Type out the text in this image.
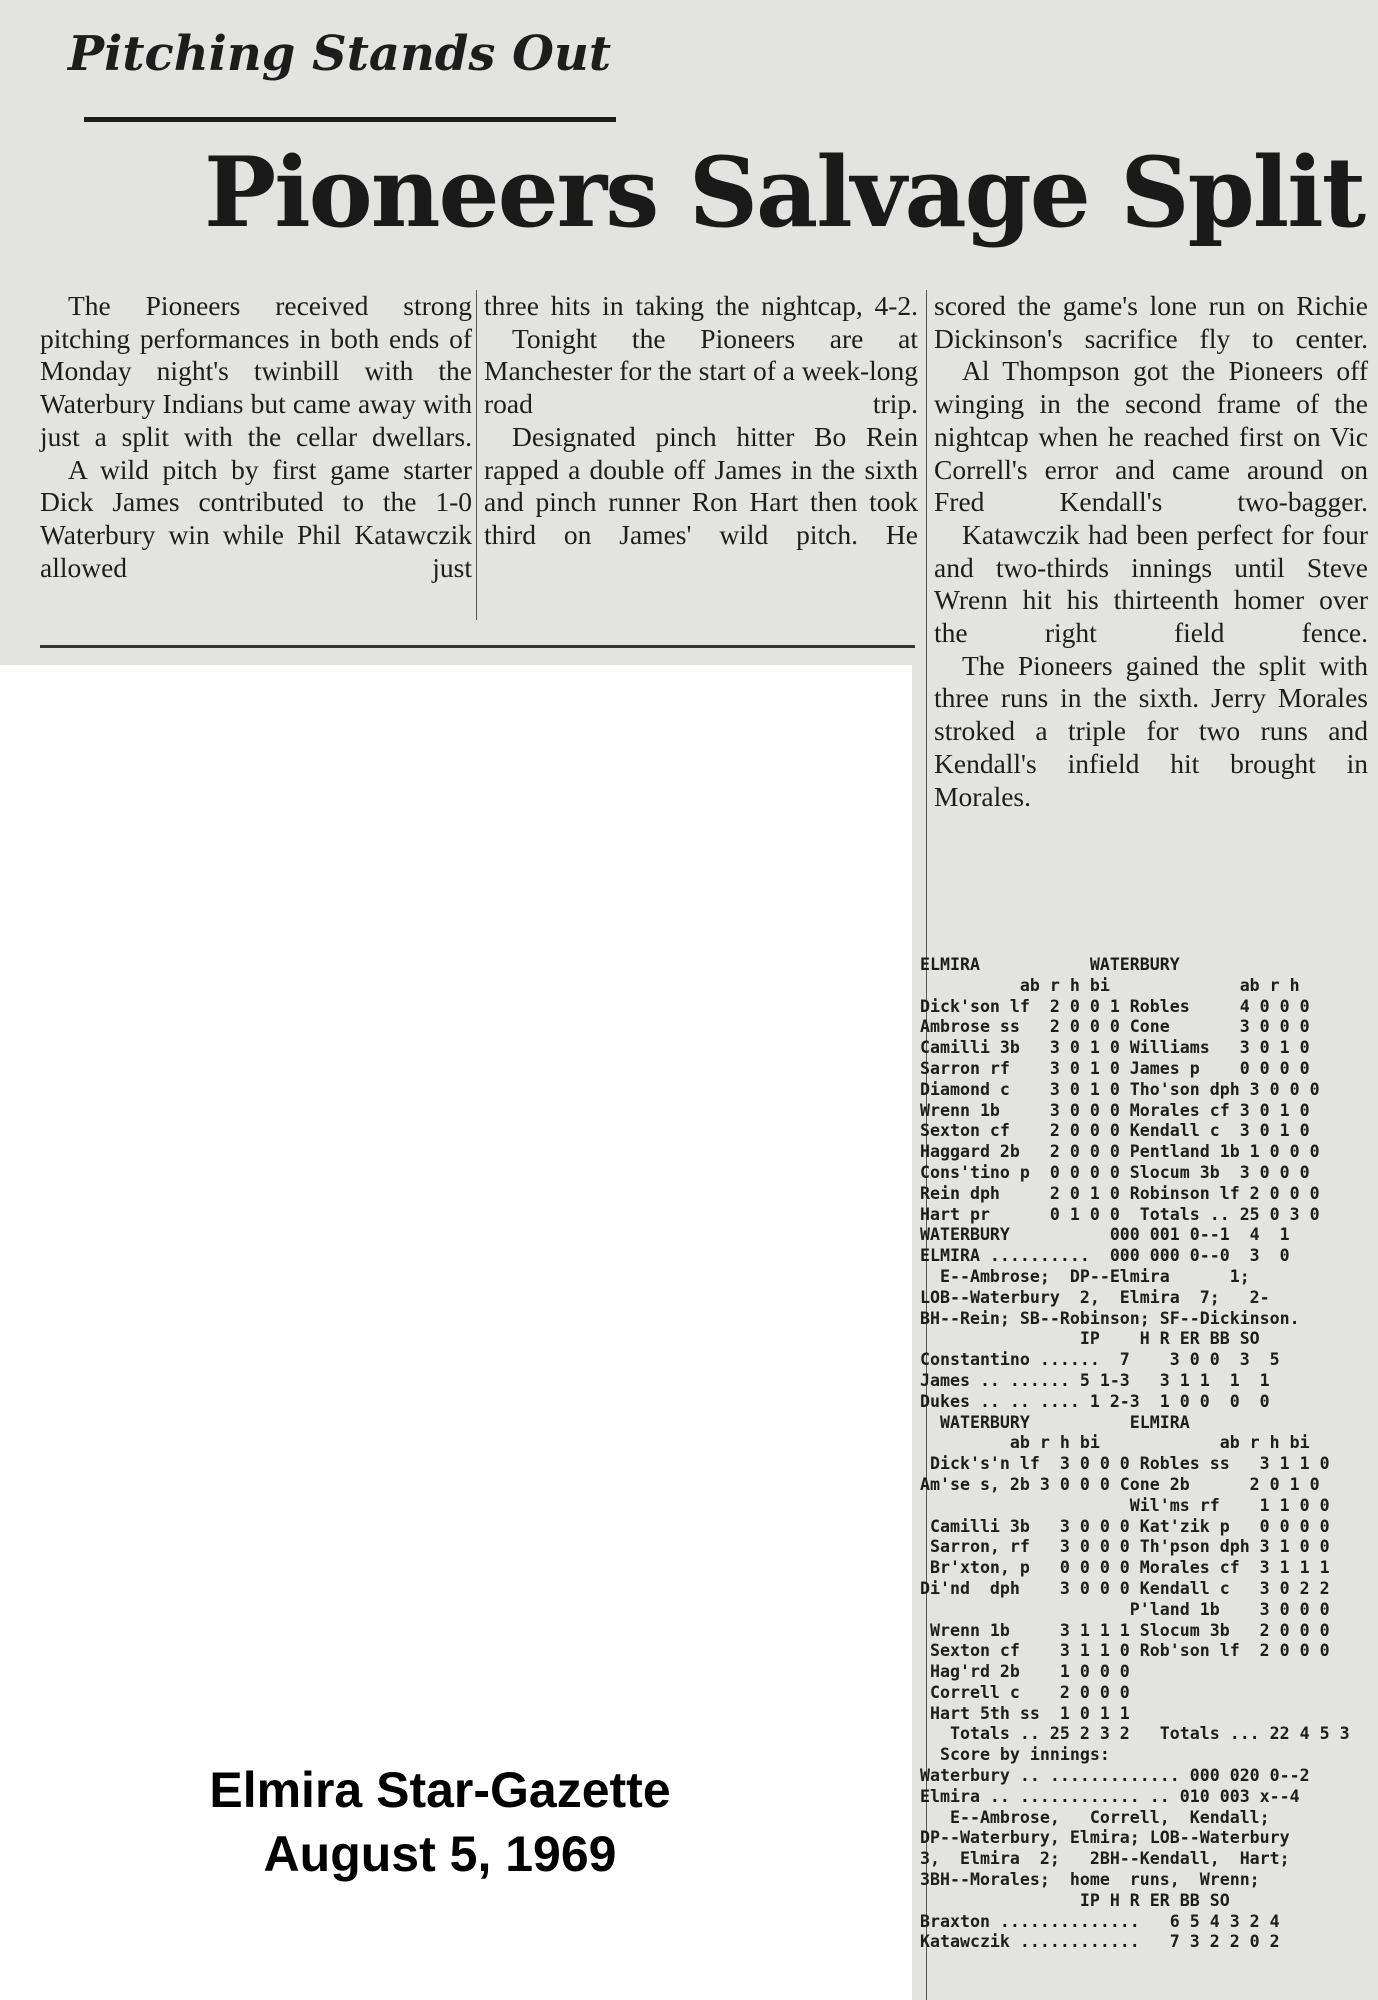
Pitching Stands Out
Pioneers Salvage Split

The Pioneers received strong pitching performances in both ends of Monday night's twinbill with the Waterbury Indians but came away with just a split with the cellar dwellars.

A wild pitch by first game starter Dick James contributed to the 1-0 Waterbury win while Phil Katawczik allowed just

three hits in taking the nightcap, 4-2.

Tonight the Pioneers are at Manchester for the start of a week-long road trip.

Designated pinch hitter Bo Rein rapped a double off James in the sixth and pinch runner Ron Hart then took third on James' wild pitch. He

scored the game's lone run on Richie Dickinson's sacrifice fly to center.

Al Thompson got the Pioneers off winging in the second frame of the nightcap when he reached first on Vic Correll's error and came around on Fred Kendall's two-bagger.

Katawczik had been perfect for four and two-thirds innings until Steve Wrenn hit his thirteenth homer over the right field fence.

The Pioneers gained the split with three runs in the sixth. Jerry Morales stroked a triple for two runs and Kendall's infield hit brought in Morales.

ELMIRA           WATERBURY
ab r h bi             ab r h
Dick'son lf  2 0 0 1 Robles     4 0 0 0
Ambrose ss   2 0 0 0 Cone       3 0 0 0
Camilli 3b   3 0 1 0 Williams   3 0 1 0
Sarron rf    3 0 1 0 James p    0 0 0 0
Diamond c    3 0 1 0 Tho'son dph 3 0 0 0
Wrenn 1b     3 0 0 0 Morales cf 3 0 1 0
Sexton cf    2 0 0 0 Kendall c  3 0 1 0
Haggard 2b   2 0 0 0 Pentland 1b 1 0 0 0
Cons'tino p  0 0 0 0 Slocum 3b  3 0 0 0
Rein dph     2 0 1 0 Robinson lf 2 0 0 0
Hart pr      0 1 0 0  Totals .. 25 0 3 0
WATERBURY          000 001 0--1  4  1
ELMIRA ..........  000 000 0--0  3  0
E--Ambrose;  DP--Elmira      1;
LOB--Waterbury  2,  Elmira  7;   2-
BH--Rein; SB--Robinson; SF--Dickinson.
IP    H R ER BB SO
Constantino ......  7    3 0 0  3  5
James .. ...... 5 1-3   3 1 1  1  1
Dukes .. .. .... 1 2-3  1 0 0  0  0
WATERBURY          ELMIRA
ab r h bi            ab r h bi
Dick's'n lf  3 0 0 0 Robles ss   3 1 1 0
Am'se s, 2b 3 0 0 0 Cone 2b      2 0 1 0
Wil'ms rf    1 1 0 0
Camilli 3b   3 0 0 0 Kat'zik p   0 0 0 0
Sarron, rf   3 0 0 0 Th'pson dph 3 1 0 0
Br'xton, p   0 0 0 0 Morales cf  3 1 1 1
Di'nd  dph    3 0 0 0 Kendall c   3 0 2 2
P'land 1b    3 0 0 0
Wrenn 1b     3 1 1 1 Slocum 3b   2 0 0 0
Sexton cf    3 1 1 0 Rob'son lf  2 0 0 0
Hag'rd 2b    1 0 0 0
Correll c    2 0 0 0
Hart 5th ss  1 0 1 1
Totals .. 25 2 3 2   Totals ... 22 4 5 3
Score by innings:
Waterbury .. ............. 000 020 0--2
Elmira .. ............ .. 010 003 x--4
E--Ambrose,   Correll,  Kendall;
DP--Waterbury, Elmira; LOB--Waterbury
3,  Elmira  2;   2BH--Kendall,  Hart;
3BH--Morales;  home  runs,  Wrenn;
IP H R ER BB SO
Braxton ..............   6 5 4 3 2 4
Katawczik ............   7 3 2 2 0 2
Elmira Star-Gazette
August 5, 1969
